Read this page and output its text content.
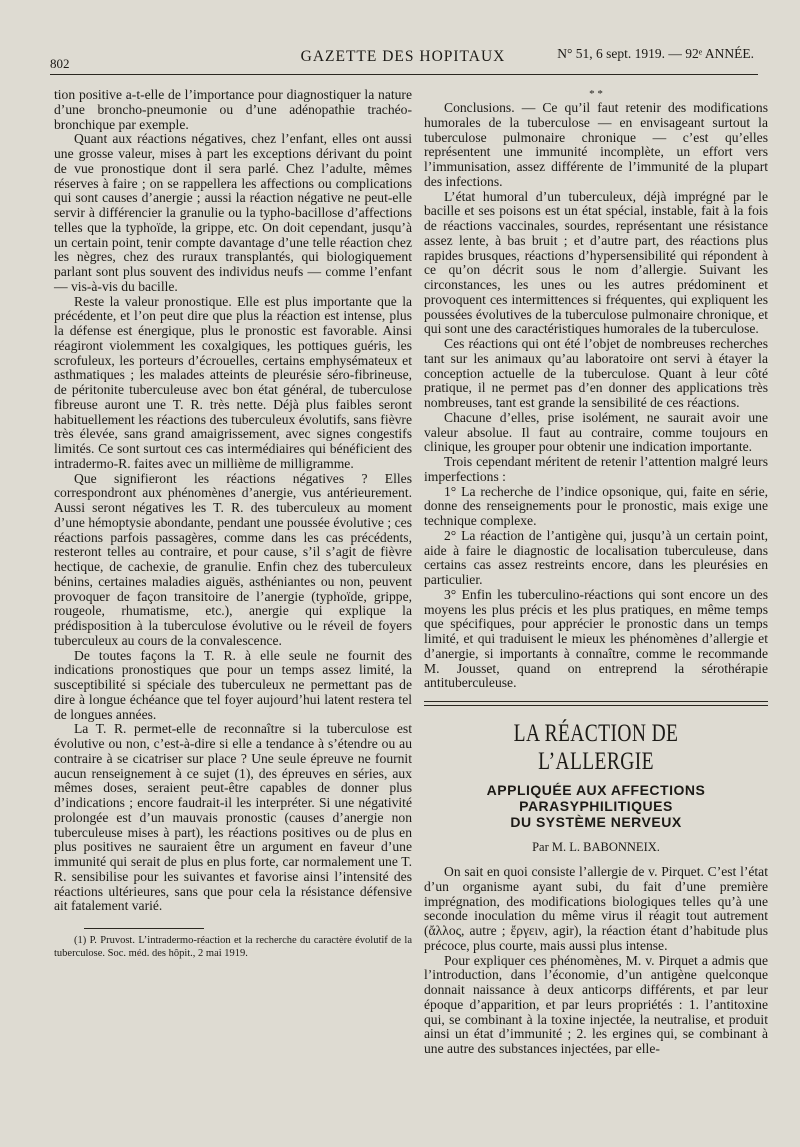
802	GAZETTE DES HOPITAUX	N° 51, 6 sept. 1919. — 92ᵉ ANNÉE.

tion positive a-t-elle de l’importance pour diagnostiquer la nature d’une broncho-pneumonie ou d’une adénopathie trachéo-bronchique par exemple.

Quant aux réactions négatives, chez l’enfant, elles ont aussi une grosse valeur, mises à part les exceptions dérivant du point de vue pronostique dont il sera parlé. Chez l’adulte, mêmes réserves à faire ; on se rappellera les affections ou complications qui sont causes d’anergie ; aussi la réaction négative ne peut-elle servir à différencier la granulie ou la typho-bacillose d’affections telles que la typhoïde, la grippe, etc. On doit cependant, jusqu’à un certain point, tenir compte davantage d’une telle réaction chez les nègres, chez des ruraux transplantés, qui biologiquement parlant sont plus souvent des individus neufs — comme l’enfant — vis-à-vis du bacille.

Reste la valeur pronostique. Elle est plus importante que la précédente, et l’on peut dire que plus la réaction est intense, plus la défense est énergique, plus le pronostic est favorable. Ainsi réagiront violemment les coxalgiques, les pottiques guéris, les scrofuleux, les porteurs d’écrouelles, certains emphysémateux et asthmatiques ; les malades atteints de pleurésie séro-fibrineuse, de péritonite tuberculeuse avec bon état général, de tuberculose fibreuse auront une T. R. très nette. Déjà plus faibles seront habituellement les réactions des tuberculeux évolutifs, sans fièvre très élevée, sans grand amaigrissement, avec signes congestifs limités. Ce sont surtout ces cas intermédiaires qui bénéficient des intradermo-R. faites avec un millième de milligramme.

Que signifieront les réactions négatives ? Elles correspondront aux phénomènes d’anergie, vus antérieurement. Aussi seront négatives les T. R. des tuberculeux au moment d’une hémoptysie abondante, pendant une poussée évolutive ; ces réactions parfois passagères, comme dans les cas précédents, resteront telles au contraire, et pour cause, s’il s’agit de fièvre hectique, de cachexie, de granulie. Enfin chez des tuberculeux bénins, certaines maladies aiguës, asthéniantes ou non, peuvent provoquer de façon transitoire de l’anergie (typhoïde, grippe, rougeole, rhumatisme, etc.), anergie qui explique la prédisposition à la tuberculose évolutive ou le réveil de foyers tuberculeux au cours de la convalescence.

De toutes façons la T. R. à elle seule ne fournit des indications pronostiques que pour un temps assez limité, la susceptibilité si spéciale des tuberculeux ne permettant pas de dire à longue échéance que tel foyer aujourd’hui latent restera tel de longues années.

La T. R. permet-elle de reconnaître si la tuberculose est évolutive ou non, c’est-à-dire si elle a tendance à s’étendre ou au contraire à se cicatriser sur place ? Une seule épreuve ne fournit aucun renseignement à ce sujet (1), des épreuves en séries, aux mêmes doses, seraient peut-être capables de donner plus d’indications ; encore faudrait-il les interpréter. Si une négativité prolongée est d’un mauvais pronostic (causes d’anergie non tuberculeuse mises à part), les réactions positives ou de plus en plus positives ne sauraient être un argument en faveur d’une immunité qui serait de plus en plus forte, car normalement une T. R. sensibilise pour les suivantes et favorise ainsi l’intensité des réactions ultérieures, sans que pour cela la résistance défensive ait fatalement varié.

(1) P. Pruvost. L’intradermo-réaction et la recherche du caractère évolutif de la tuberculose. Soc. méd. des hôpit., 2 mai 1919.

* *

Conclusions. — Ce qu’il faut retenir des modifications humorales de la tuberculose — en envisageant surtout la tuberculose pulmonaire chronique — c’est qu’elles représentent une immunité incomplète, un effort vers l’immunisation, assez différente de l’immunité de la plupart des infections.

L’état humoral d’un tuberculeux, déjà imprégné par le bacille et ses poisons est un état spécial, instable, fait à la fois de réactions vaccinales, sourdes, représentant une résistance assez lente, à bas bruit ; et d’autre part, des réactions plus rapides brusques, réactions d’hypersensibilité qui répondent à ce qu’on décrit sous le nom d’allergie. Suivant les circonstances, les unes ou les autres prédominent et provoquent ces intermittences si fréquentes, qui expliquent les poussées évolutives de la tuberculose pulmonaire chronique, et qui sont une des caractéristiques humorales de la tuberculose.

Ces réactions qui ont été l’objet de nombreuses recherches tant sur les animaux qu’au laboratoire ont servi à étayer la conception actuelle de la tuberculose. Quant à leur côté pratique, il ne permet pas d’en donner des applications très nombreuses, tant est grande la sensibilité de ces réactions.

Chacune d’elles, prise isolément, ne saurait avoir une valeur absolue. Il faut au contraire, comme toujours en clinique, les grouper pour obtenir une indication importante.

Trois cependant méritent de retenir l’attention malgré leurs imperfections :

1° La recherche de l’indice opsonique, qui, faite en série, donne des renseignements pour le pronostic, mais exige une technique complexe.

2° La réaction de l’antigène qui, jusqu’à un certain point, aide à faire le diagnostic de localisation tuberculeuse, dans certains cas assez restreints encore, dans les pleurésies en particulier.

3° Enfin les tuberculino-réactions qui sont encore un des moyens les plus précis et les plus pratiques, en même temps que spécifiques, pour apprécier le pronostic dans un temps limité, et qui traduisent le mieux les phénomènes d’allergie et d’anergie, si importants à connaître, comme le recommande M. Jousset, quand on entreprend la sérothérapie antituberculeuse.

LA RÉACTION DE L’ALLERGIE
APPLIQUÉE AUX AFFECTIONS PARASYPHILITIQUES
DU SYSTÈME NERVEUX
Par M. L. BABONNEIX.

On sait en quoi consiste l’allergie de v. Pirquet. C’est l’état d’un organisme ayant subi, du fait d’une première imprégnation, des modifications biologiques telles qu’à une seconde inoculation du même virus il réagit tout autrement (ἄλλος, autre ; ἔργειν, agir), la réaction étant d’habitude plus précoce, plus courte, mais aussi plus intense.

Pour expliquer ces phénomènes, M. v. Pirquet a admis que l’introduction, dans l’économie, d’un antigène quelconque donnait naissance à deux anticorps différents, et par leur époque d’apparition, et par leurs propriétés : 1. l’antitoxine qui, se combinant à la toxine injectée, la neutralise, et produit ainsi un état d’immunité ; 2. les ergines qui, se combinant à une autre des substances injectées, par elle-
